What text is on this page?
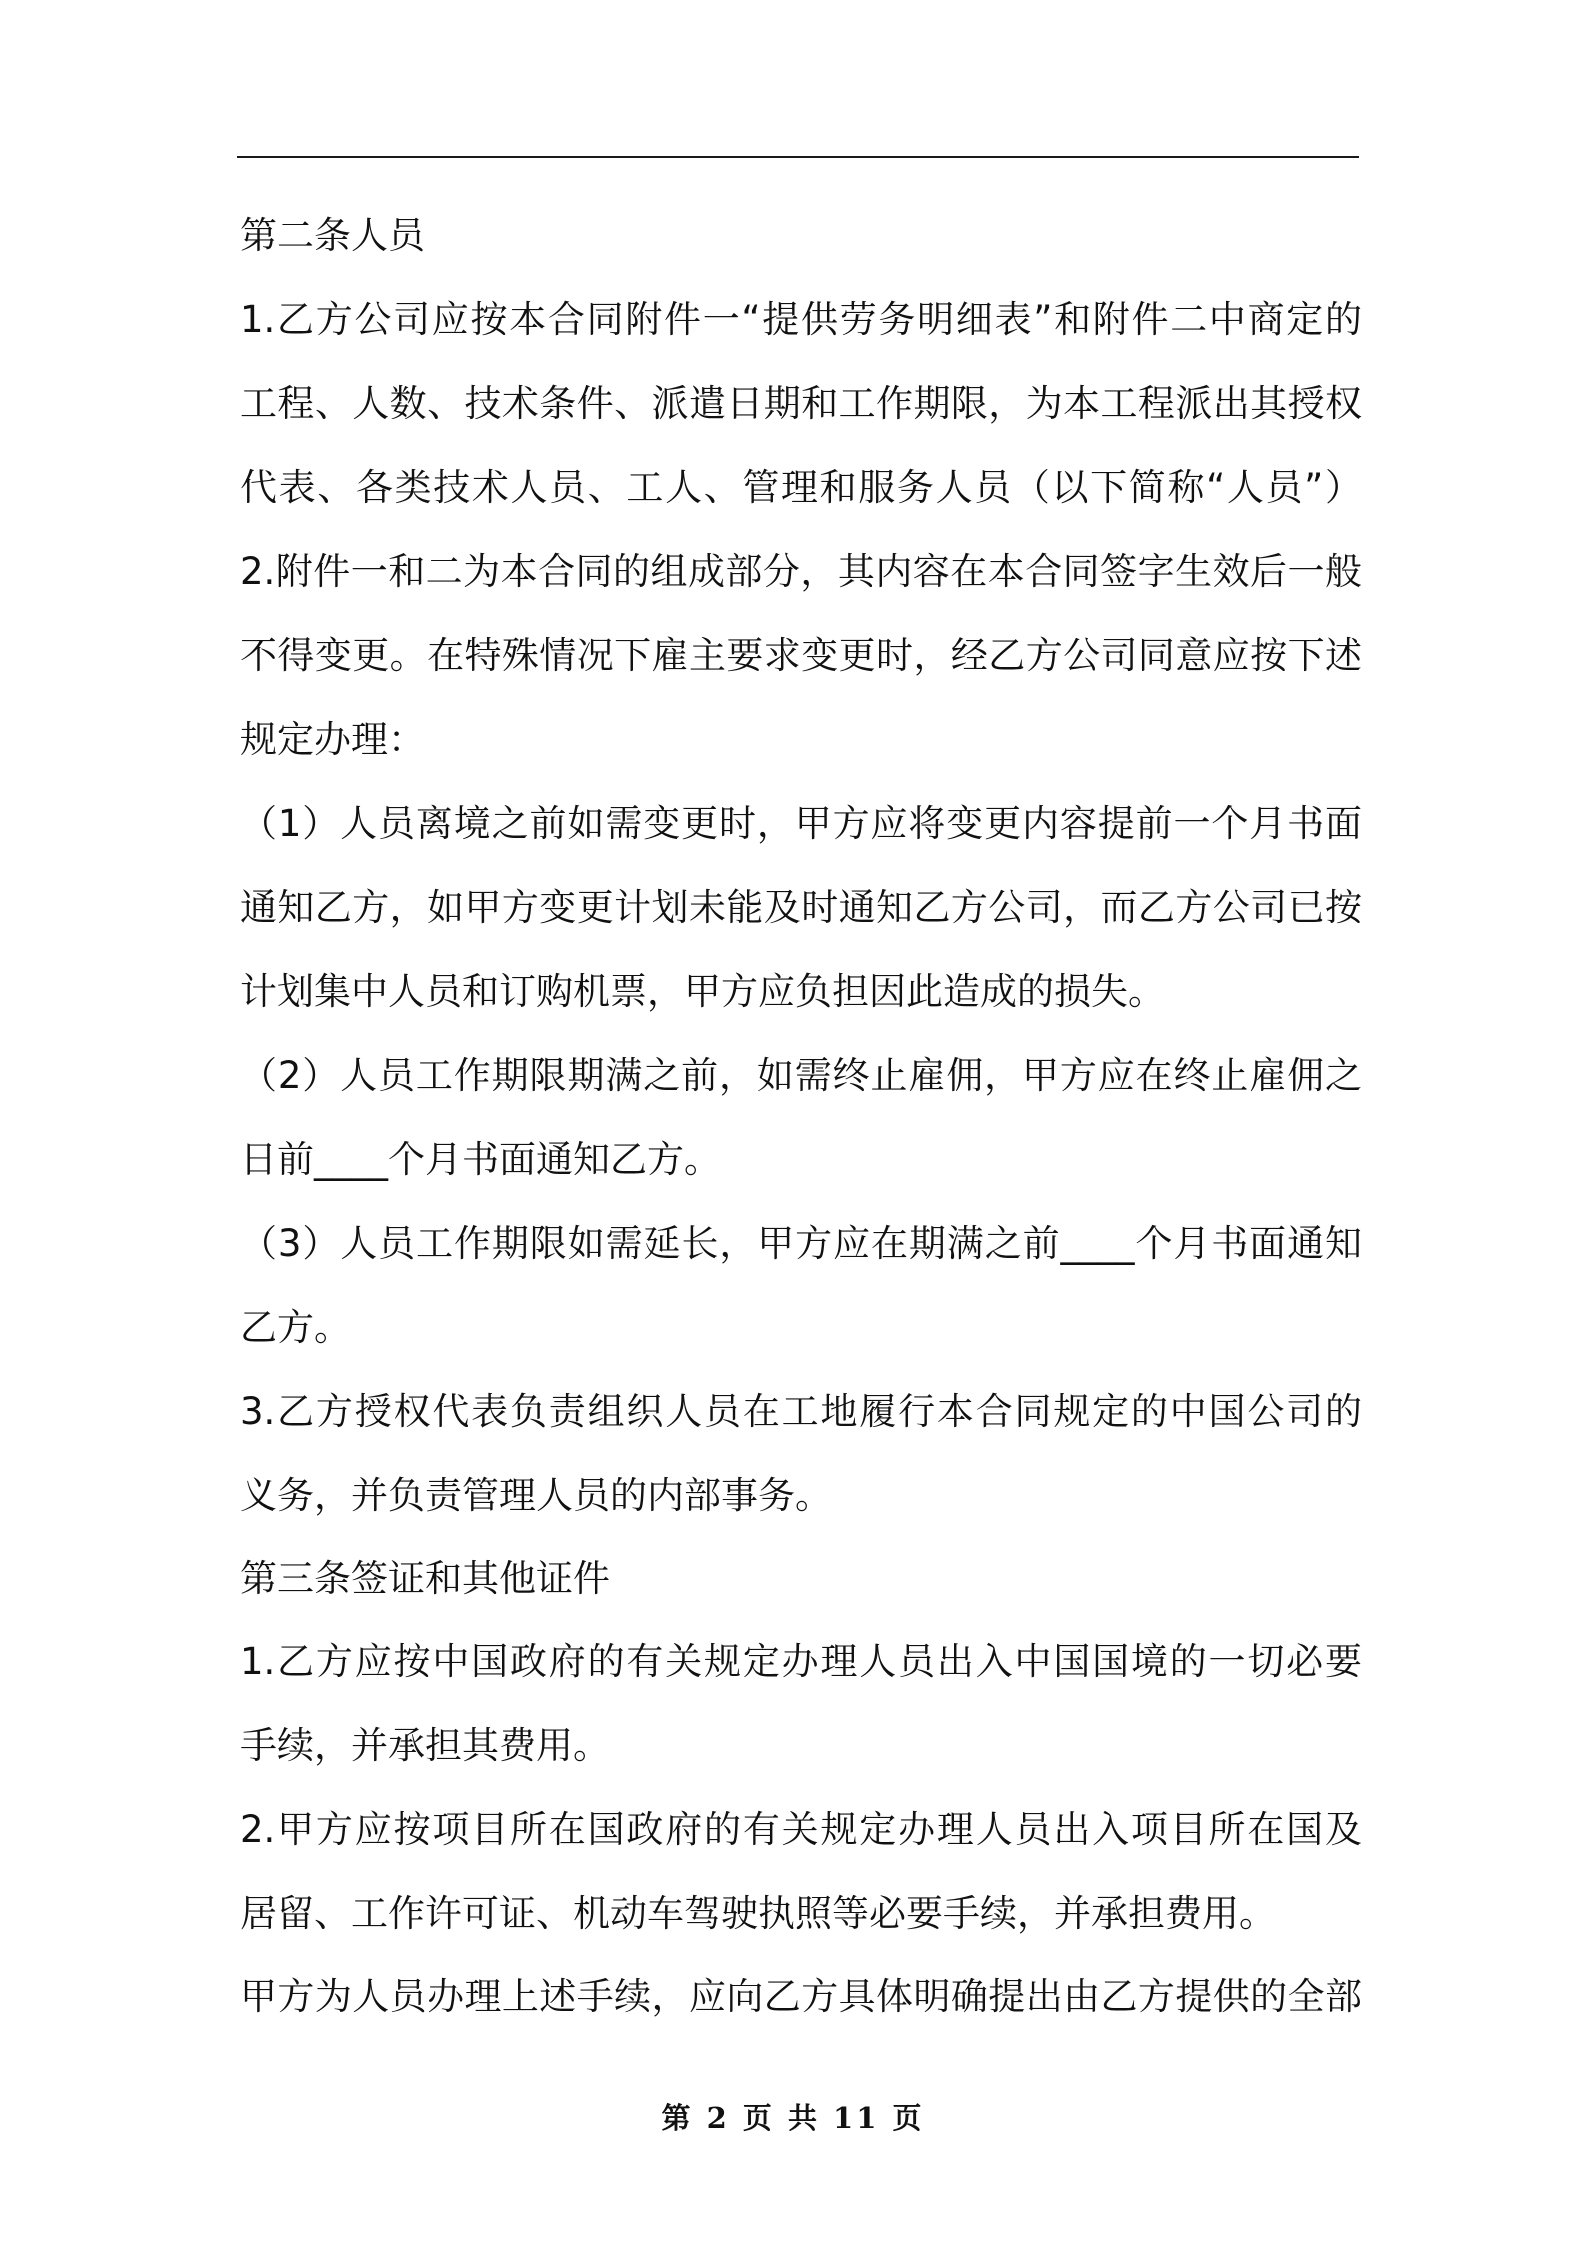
第二条人员
1.乙方公司应按本合同附件一“提供劳务明细表”和附件二中商定的
工程、人数、技术条件、派遣日期和工作期限，为本工程派出其授权
代表、各类技术人员、工人、管理和服务人员（以下简称“人员”）
2.附件一和二为本合同的组成部分，其内容在本合同签字生效后一般
不得变更。在特殊情况下雇主要求变更时，经乙方公司同意应按下述
规定办理：
（1）人员离境之前如需变更时，甲方应将变更内容提前一个月书面
通知乙方，如甲方变更计划未能及时通知乙方公司，而乙方公司已按
计划集中人员和订购机票，甲方应负担因此造成的损失。
（2）人员工作期限期满之前，如需终止雇佣，甲方应在终止雇佣之
日前____个月书面通知乙方。
（3）人员工作期限如需延长，甲方应在期满之前____个月书面通知
乙方。
3.乙方授权代表负责组织人员在工地履行本合同规定的中国公司的
义务，并负责管理人员的内部事务。
第三条签证和其他证件
1.乙方应按中国政府的有关规定办理人员出入中国国境的一切必要
手续，并承担其费用。
2.甲方应按项目所在国政府的有关规定办理人员出入项目所在国及
居留、工作许可证、机动车驾驶执照等必要手续，并承担费用。
甲方为人员办理上述手续，应向乙方具体明确提出由乙方提供的全部
第 2 页 共 11 页
